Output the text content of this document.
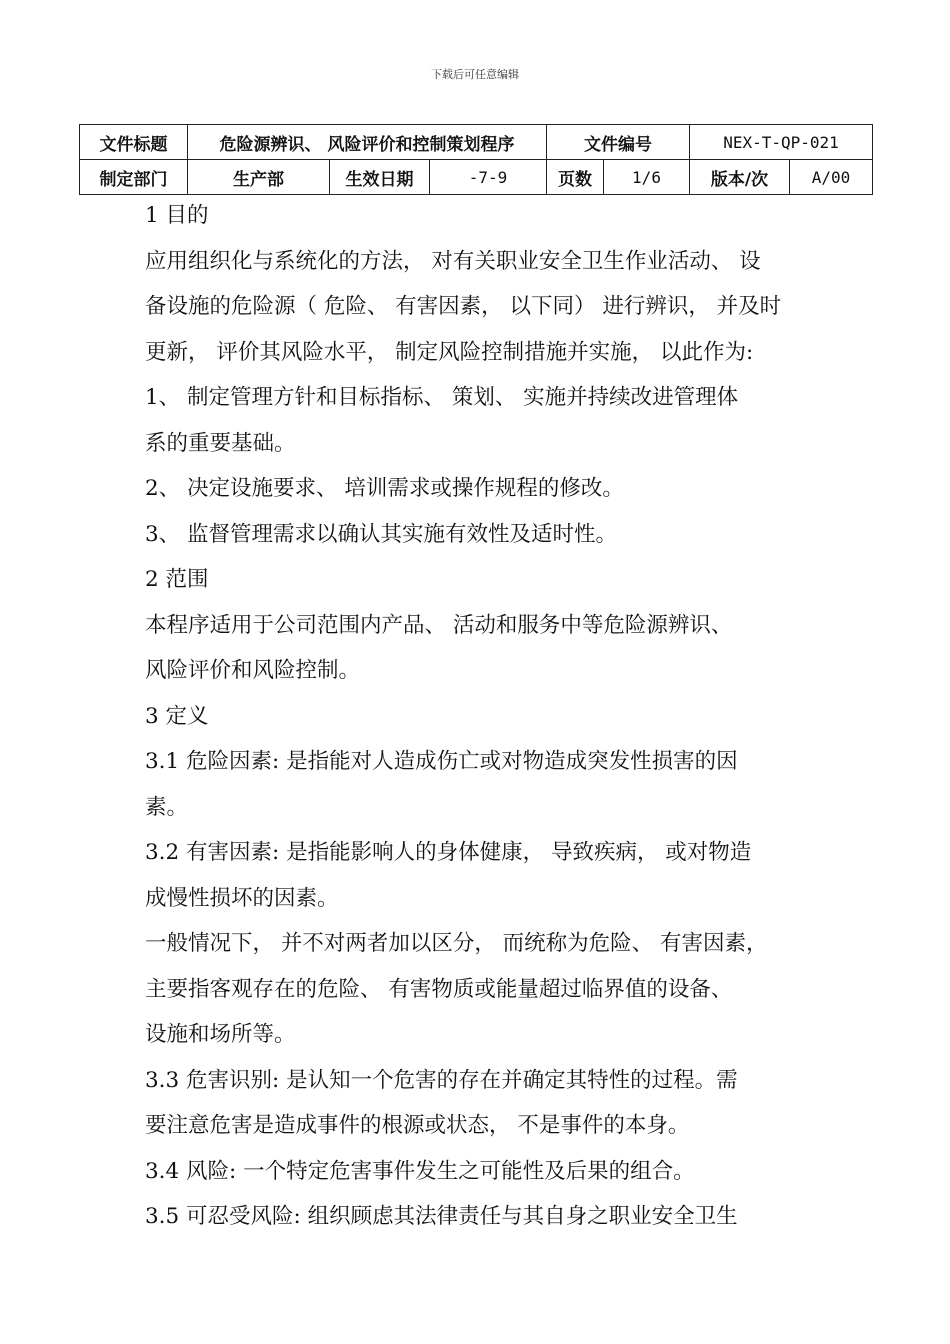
下载后可任意编辑
文件标题	危险源辨识、 风险评价和控制策划程序			文件编号		NEX-T-QP-021	
制定部门	生产部	生效日期	-7-9	页数	1/6	版本/次	A/00

1 目的

应用组织化与系统化的方法， 对有关职业安全卫生作业活动、 设

备设施的危险源（ 危险、 有害因素， 以下同） 进行辨识， 并及时

更新， 评价其风险水平， 制定风险控制措施并实施， 以此作为:

1、 制定管理方针和目标指标、 策划、 实施并持续改进管理体

系的重要基础。

2、 决定设施要求、 培训需求或操作规程的修改。

3、 监督管理需求以确认其实施有效性及适时性。

2 范围

本程序适用于公司范围内产品、 活动和服务中等危险源辨识、

风险评价和风险控制。

3 定义

3.1 危险因素: 是指能对人造成伤亡或对物造成突发性损害的因

素。

3.2 有害因素: 是指能影响人的身体健康， 导致疾病， 或对物造

成慢性损坏的因素。

一般情况下， 并不对两者加以区分， 而统称为危险、 有害因素，

主要指客观存在的危险、 有害物质或能量超过临界值的设备、

设施和场所等。

3.3 危害识别: 是认知一个危害的存在并确定其特性的过程。需

要注意危害是造成事件的根源或状态， 不是事件的本身。

3.4 风险: 一个特定危害事件发生之可能性及后果的组合。

3.5 可忍受风险: 组织顾虑其法律责任与其自身之职业安全卫生
